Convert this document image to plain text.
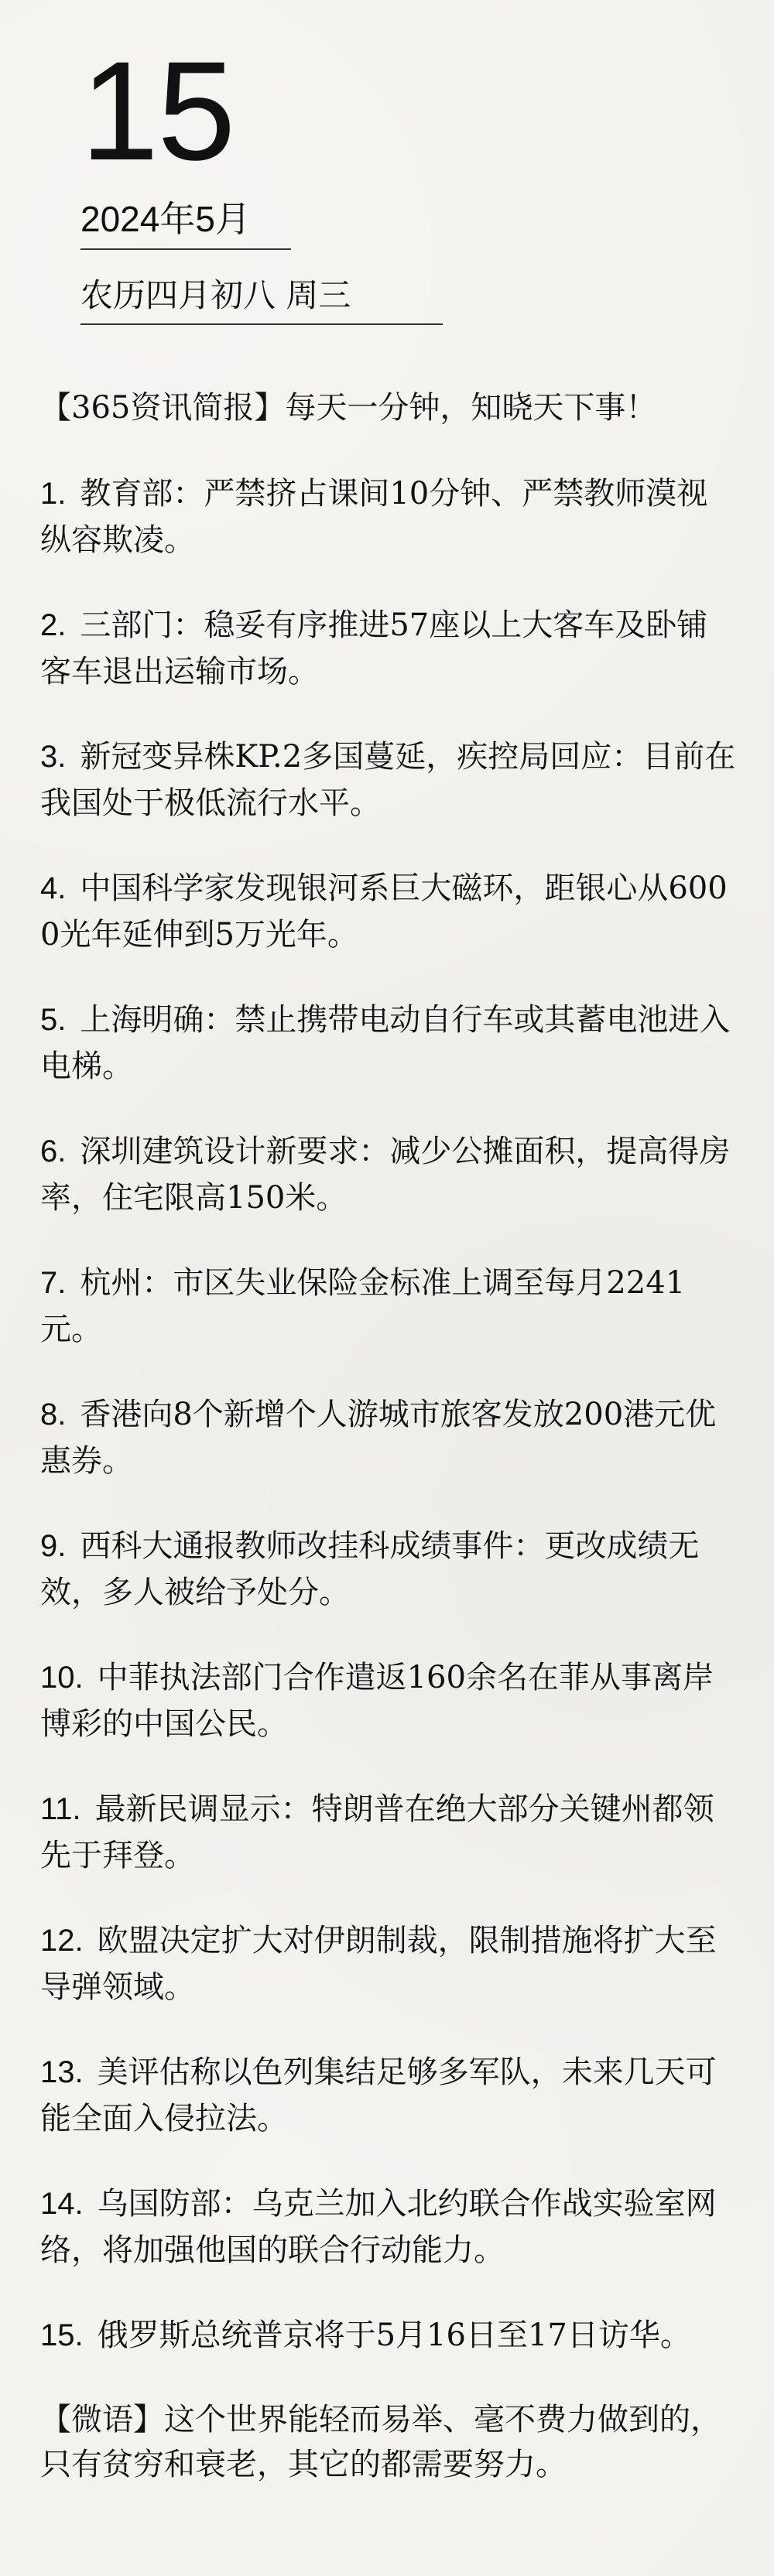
15
2024年5月
农历四月初八 周三
【365资讯简报】每天一分钟，知晓天下事！
1. 教育部：严禁挤占课间10分钟、严禁教师漠视纵容欺凌。
2. 三部门：稳妥有序推进57座以上大客车及卧铺客车退出运输市场。
3. 新冠变异株KP.2多国蔓延，疾控局回应：目前在我国处于极低流行水平。
4. 中国科学家发现银河系巨大磁环，距银心从6000光年延伸到5万光年。
5. 上海明确：禁止携带电动自行车或其蓄电池进入电梯。
6. 深圳建筑设计新要求：减少公摊面积，提高得房率，住宅限高150米。
7. 杭州：市区失业保险金标准上调至每月2241元。
8. 香港向8个新增个人游城市旅客发放200港元优惠券。
9. 西科大通报教师改挂科成绩事件：更改成绩无效，多人被给予处分。
10. 中菲执法部门合作遣返160余名在菲从事离岸博彩的中国公民。
11. 最新民调显示：特朗普在绝大部分关键州都领先于拜登。
12. 欧盟决定扩大对伊朗制裁，限制措施将扩大至导弹领域。
13. 美评估称以色列集结足够多军队，未来几天可能全面入侵拉法。
14. 乌国防部：乌克兰加入北约联合作战实验室网络，将加强他国的联合行动能力。
15. 俄罗斯总统普京将于5月16日至17日访华。
【微语】这个世界能轻而易举、毫不费力做到的，只有贫穷和衰老，其它的都需要努力。
